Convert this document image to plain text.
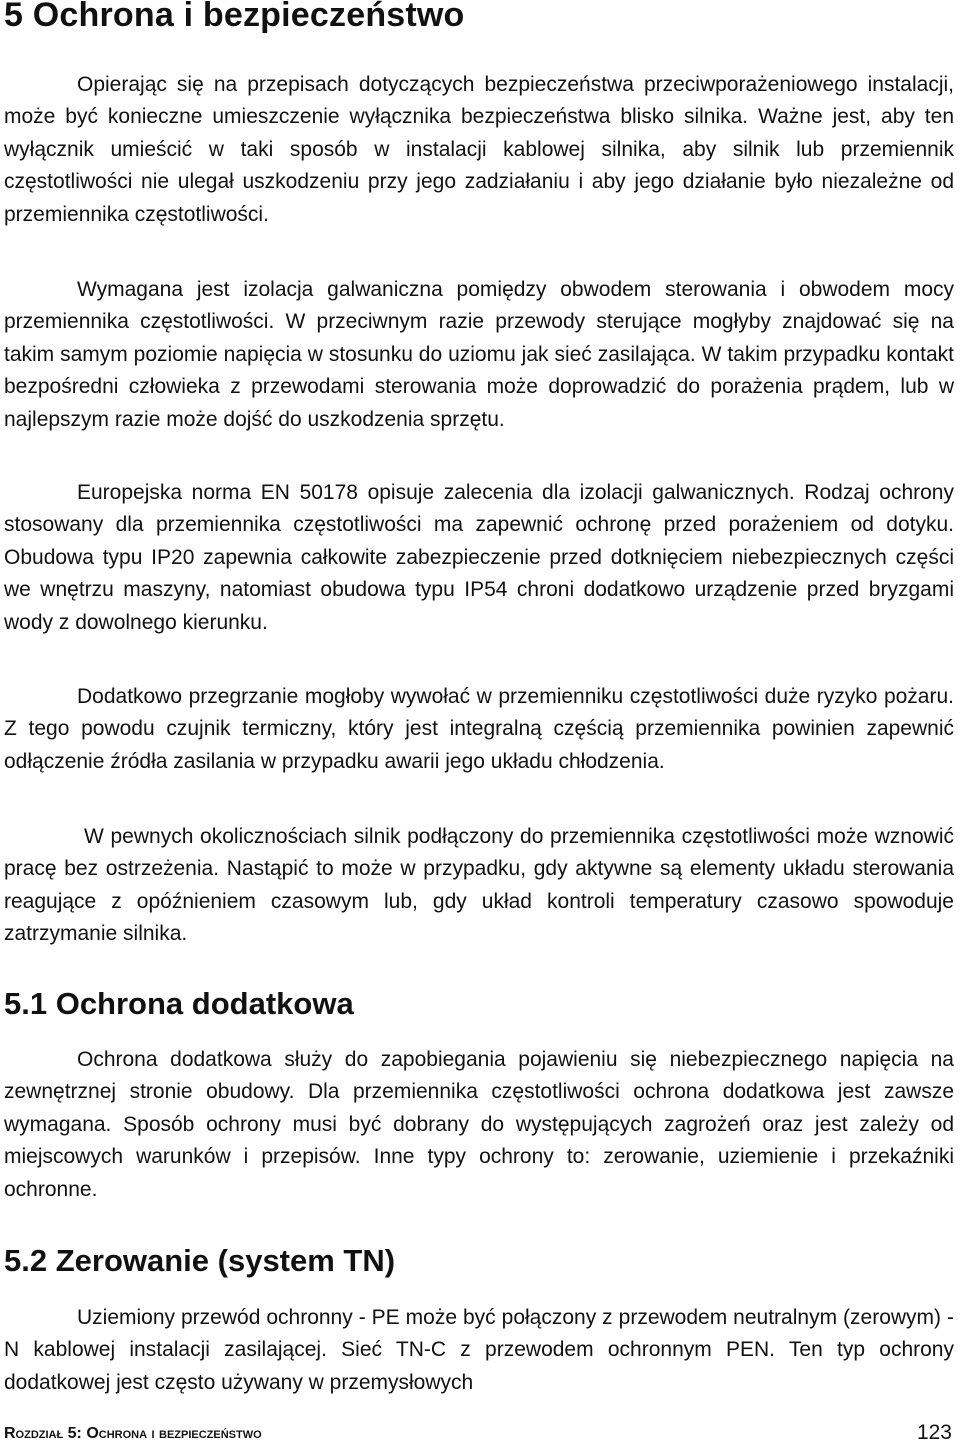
5 Ochrona i bezpieczeństwo

Opierając się na przepisach dotyczących bezpieczeństwa przeciwporażeniowego instalacji, może być konieczne umieszczenie wyłącznika bezpieczeństwa blisko silnika. Ważne jest, aby ten wyłącznik umieścić w taki sposób w instalacji kablowej silnika, aby silnik lub przemiennik częstotliwości nie ulegał uszkodzeniu przy jego zadziałaniu i aby jego działanie było niezależne od przemiennika częstotliwości.

Wymagana jest izolacja galwaniczna pomiędzy obwodem sterowania i obwodem mocy przemiennika częstotliwości. W przeciwnym razie przewody sterujące mogłyby znajdować się na takim samym poziomie napięcia w stosunku do uziomu jak sieć zasilająca. W takim przypadku kontakt bezpośredni człowieka z przewodami sterowania może doprowadzić do porażenia prądem, lub w najlepszym razie może dojść do uszkodzenia sprzętu.

Europejska norma EN 50178 opisuje zalecenia dla izolacji galwanicznych. Rodzaj ochrony stosowany dla przemiennika częstotliwości ma zapewnić ochronę przed porażeniem od dotyku. Obudowa typu IP20 zapewnia całkowite zabezpieczenie przed dotknięciem niebezpiecznych części we wnętrzu maszyny, natomiast obudowa typu IP54 chroni dodatkowo urządzenie przed bryzgami wody z dowolnego kierunku.

Dodatkowo przegrzanie mogłoby wywołać w przemienniku częstotliwości duże ryzyko pożaru. Z tego powodu czujnik termiczny, który jest integralną częścią przemiennika powinien zapewnić odłączenie źródła zasilania w przypadku awarii jego układu chłodzenia.

W pewnych okolicznościach silnik podłączony do przemiennika częstotliwości może wznowić pracę bez ostrzeżenia. Nastąpić to może w przypadku, gdy aktywne są elementy układu sterowania reagujące z opóźnieniem czasowym lub, gdy układ kontroli temperatury czasowo spowoduje zatrzymanie silnika.

5.1 Ochrona dodatkowa

Ochrona dodatkowa służy do zapobiegania pojawieniu się niebezpiecznego napięcia na zewnętrznej stronie obudowy. Dla przemiennika częstotliwości ochrona dodatkowa jest zawsze wymagana. Sposób ochrony musi być dobrany do występujących zagrożeń oraz jest zależy od miejscowych warunków i przepisów. Inne typy ochrony to: zerowanie, uziemienie i przekaźniki ochronne.

5.2 Zerowanie (system TN)

Uziemiony przewód ochronny - PE może być połączony z przewodem neutralnym (zerowym) - N kablowej instalacji zasilającej. Sieć TN-C z przewodem ochronnym PEN. Ten typ ochrony dodatkowej jest często używany w przemysłowych

Rozdział 5: Ochrona i bezpieczeństwo	123
